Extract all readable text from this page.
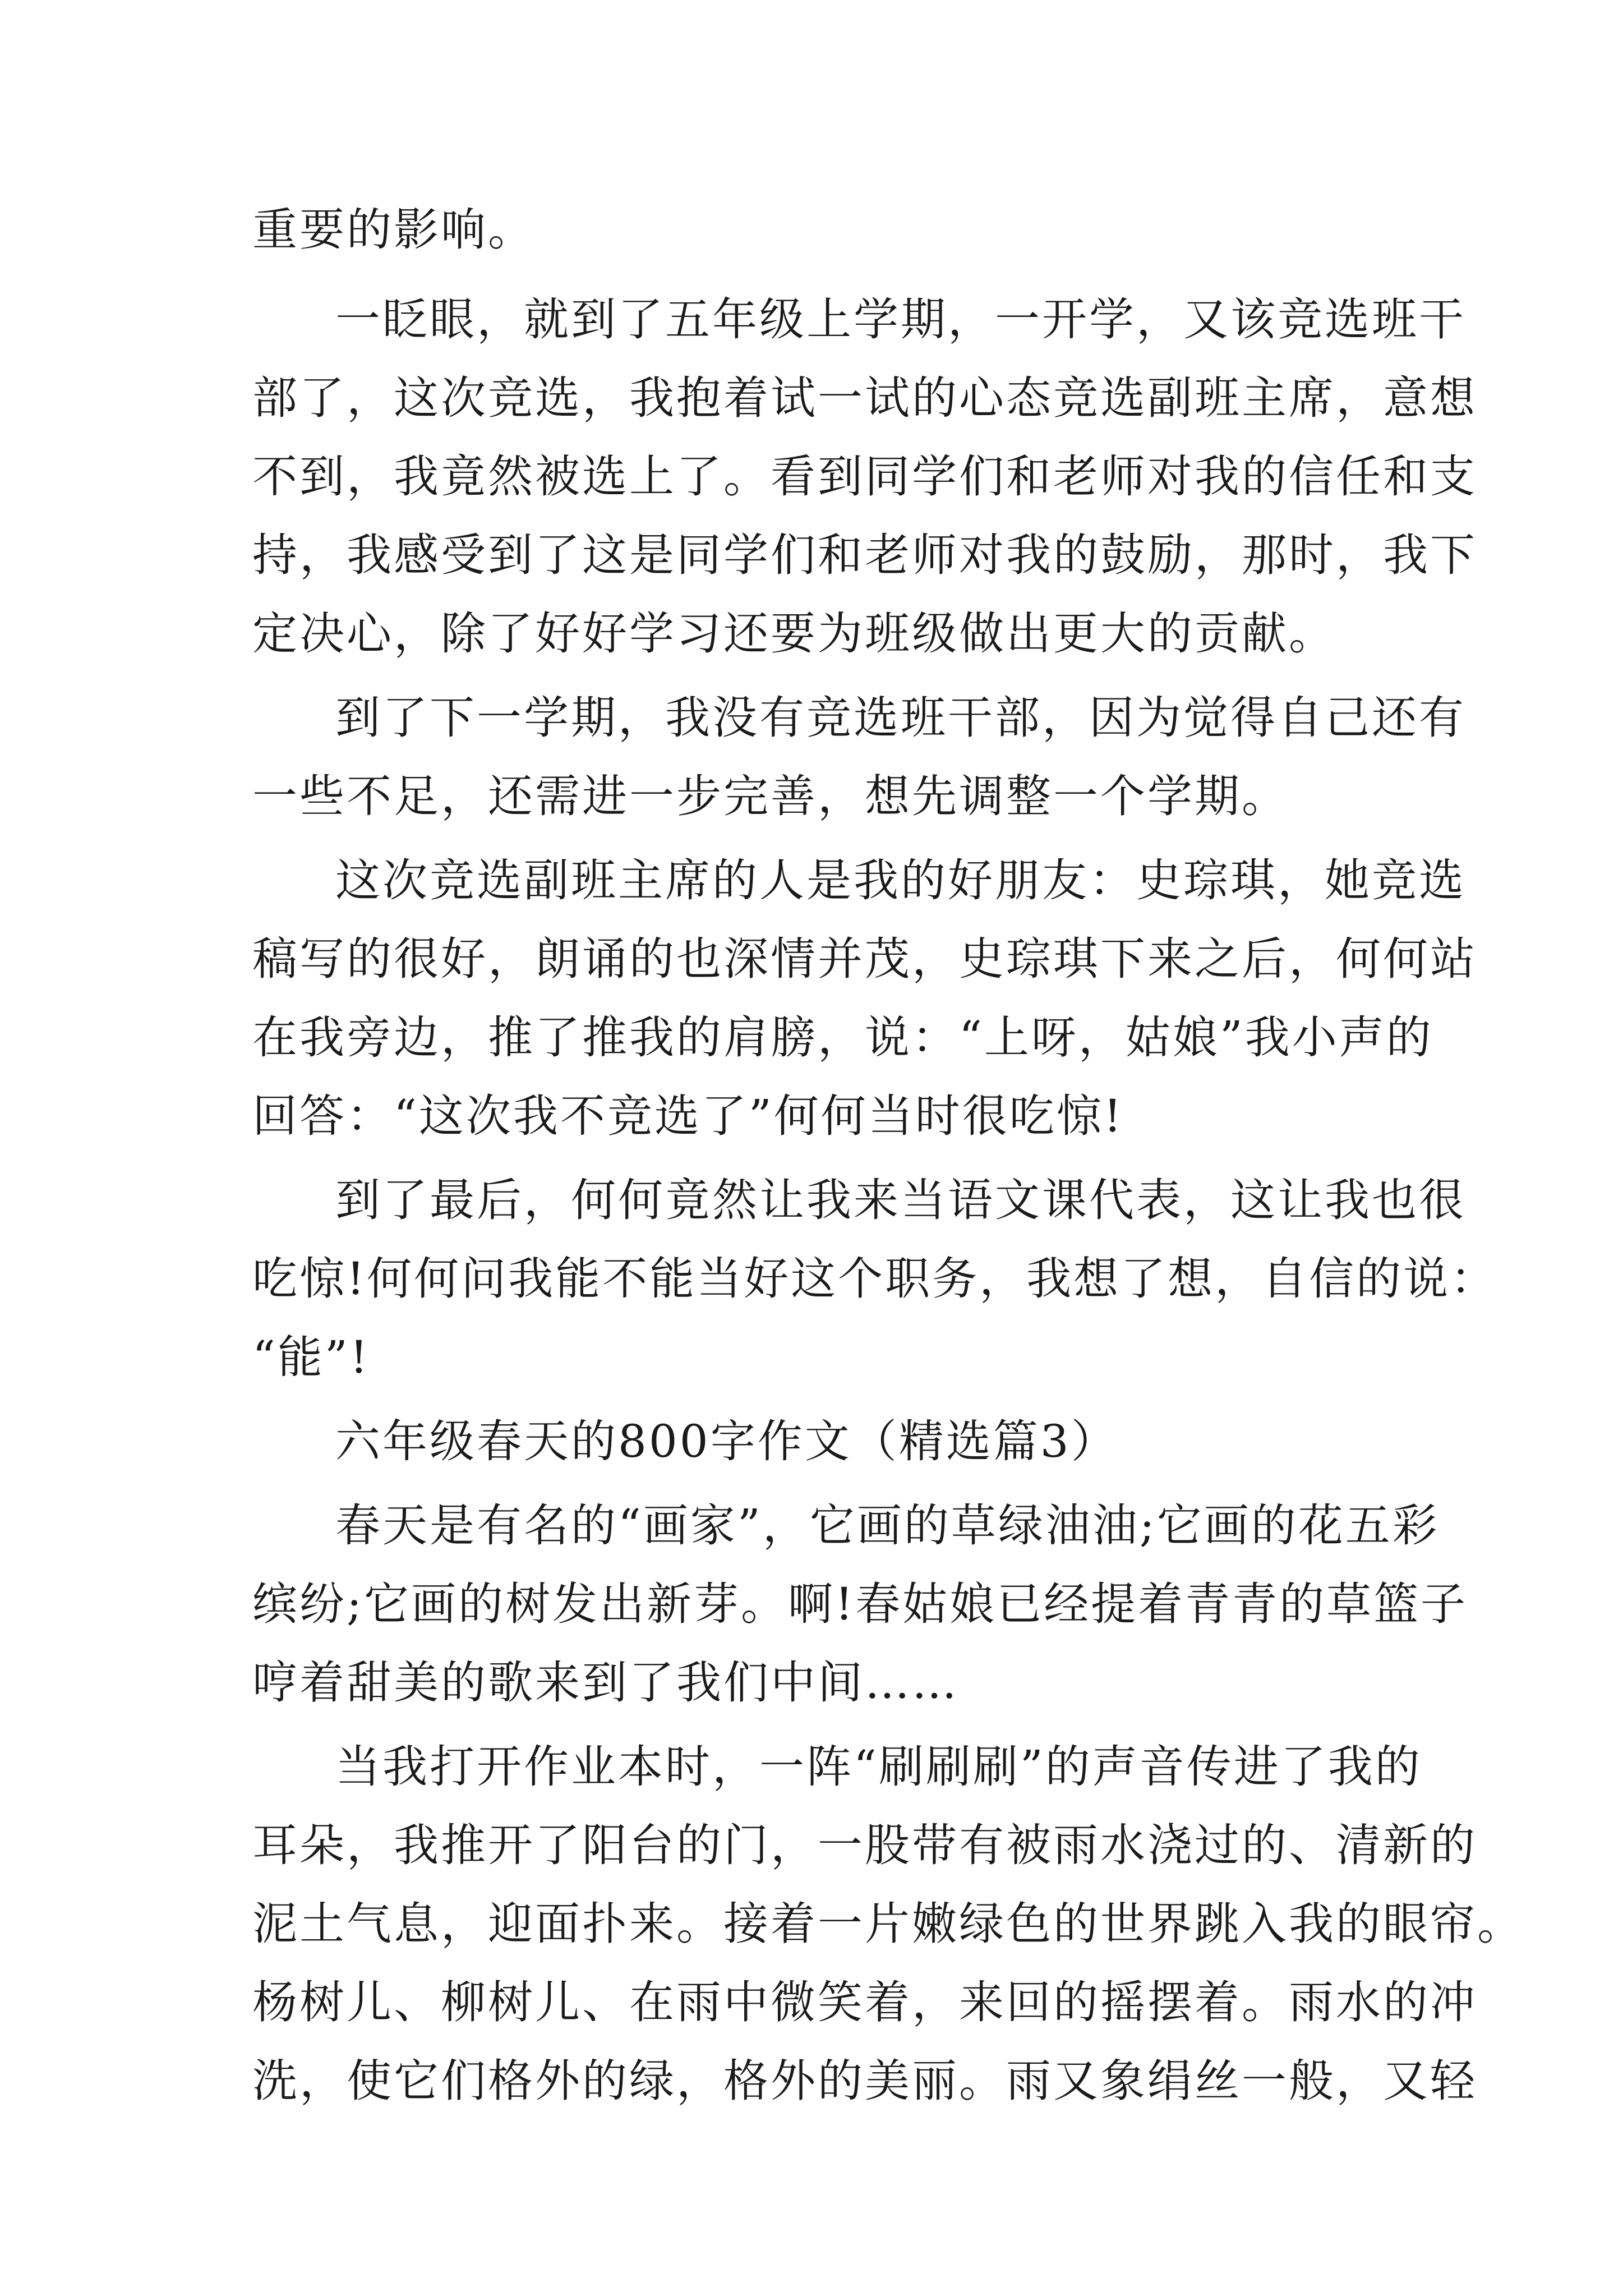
重要的影响。
一眨眼，就到了五年级上学期，一开学，又该竞选班干
部了，这次竞选，我抱着试一试的心态竞选副班主席，意想
不到，我竟然被选上了。看到同学们和老师对我的信任和支
持，我感受到了这是同学们和老师对我的鼓励，那时，我下
定决心，除了好好学习还要为班级做出更大的贡献。
到了下一学期，我没有竞选班干部，因为觉得自己还有
一些不足，还需进一步完善，想先调整一个学期。
这次竞选副班主席的人是我的好朋友：史琮琪，她竞选
稿写的很好，朗诵的也深情并茂，史琮琪下来之后，何何站
在我旁边，推了推我的肩膀，说：“上呀，姑娘”我小声的
回答：“这次我不竞选了”何何当时很吃惊!
到了最后，何何竟然让我来当语文课代表，这让我也很
吃惊!何何问我能不能当好这个职务，我想了想，自信的说：
“能”!
六年级春天的800字作文（精选篇3）
春天是有名的“画家”，它画的草绿油油;它画的花五彩
缤纷;它画的树发出新芽。啊!春姑娘已经提着青青的草篮子
哼着甜美的歌来到了我们中间……
当我打开作业本时，一阵“刷刷刷”的声音传进了我的
耳朵，我推开了阳台的门，一股带有被雨水浇过的、清新的
泥土气息，迎面扑来。接着一片嫩绿色的世界跳入我的眼帘。
杨树儿、柳树儿、在雨中微笑着，来回的摇摆着。雨水的冲
洗，使它们格外的绿，格外的美丽。雨又象绢丝一般，又轻
